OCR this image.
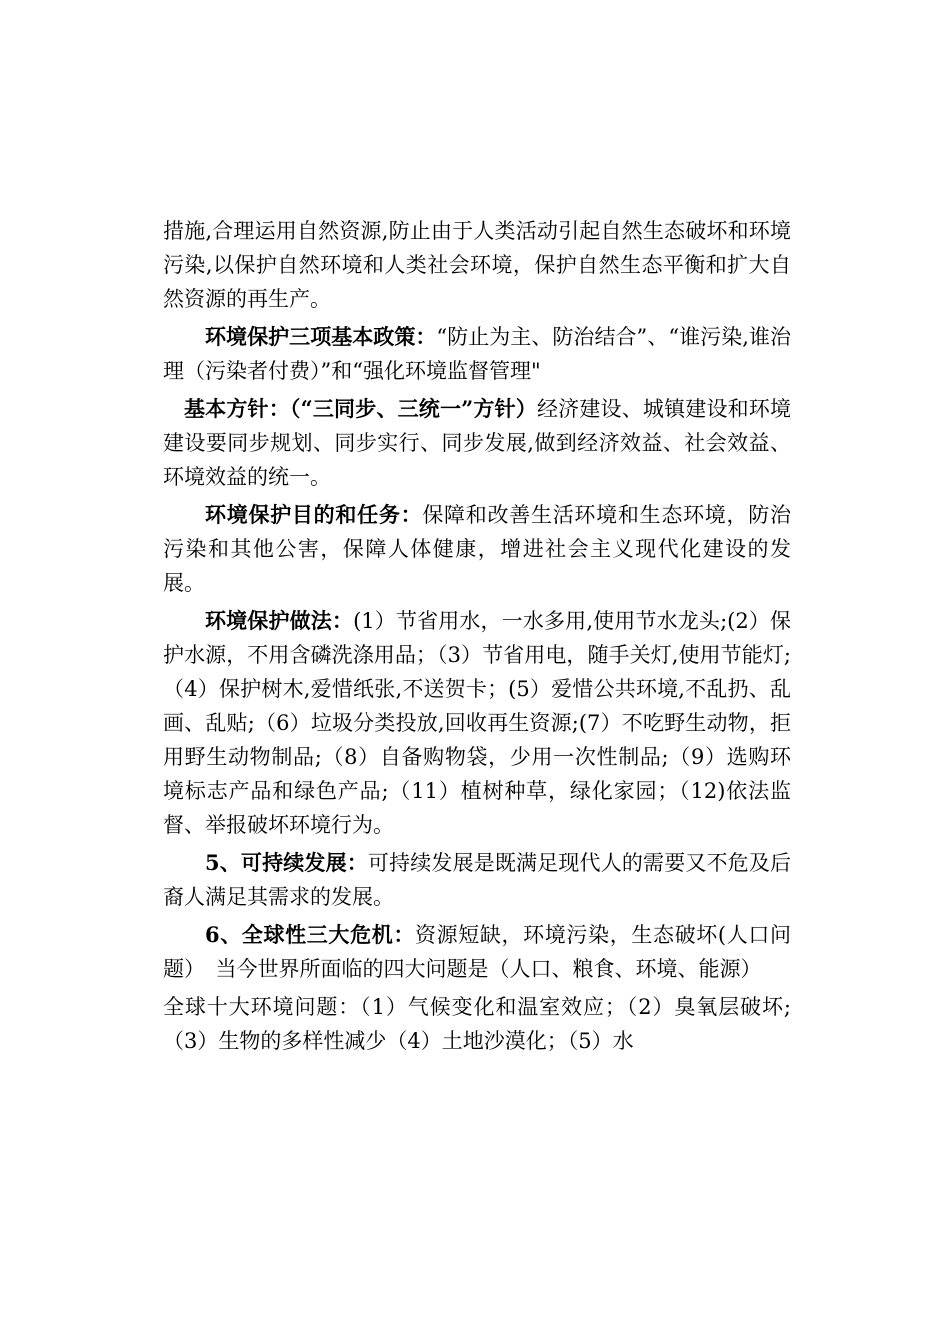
措施,合理运用自然资源,防止由于人类活动引起自然生态破坏和环境污染,以保护自然环境和人类社会环境，保护自然生态平衡和扩大自然资源的再生产。

环境保护三项基本政策：“防止为主、防治结合”、“谁污染,谁治理（污染者付费）”和“强化环境监督管理"

基本方针：（“三同步、三统一”方针）经济建设、城镇建设和环境建设要同步规划、同步实行、同步发展,做到经济效益、社会效益、环境效益的统一。

环境保护目的和任务：保障和改善生活环境和生态环境，防治污染和其他公害，保障人体健康，增进社会主义现代化建设的发展。

环境保护做法：(1）节省用水，一水多用,使用节水龙头;(2）保护水源，不用含磷洗涤用品；（3）节省用电，随手关灯,使用节能灯;（4）保护树木,爱惜纸张,不送贺卡；(5）爱惜公共环境,不乱扔、乱画、乱贴;（6）垃圾分类投放,回收再生资源;(7）不吃野生动物，拒用野生动物制品;（8）自备购物袋，少用一次性制品;（9）选购环境标志产品和绿色产品;（11）植树种草，绿化家园；（12)依法监督、举报破坏环境行为。

5、可持续发展：可持续发展是既满足现代人的需要又不危及后裔人满足其需求的发展。

6、全球性三大危机：资源短缺，环境污染，生态破坏(人口问题）　当今世界所面临的四大问题是（人口、粮食、环境、能源）

全球十大环境问题：（1）气候变化和温室效应；（2）臭氧层破坏;（3）生物的多样性减少（4）土地沙漠化；（5）水
